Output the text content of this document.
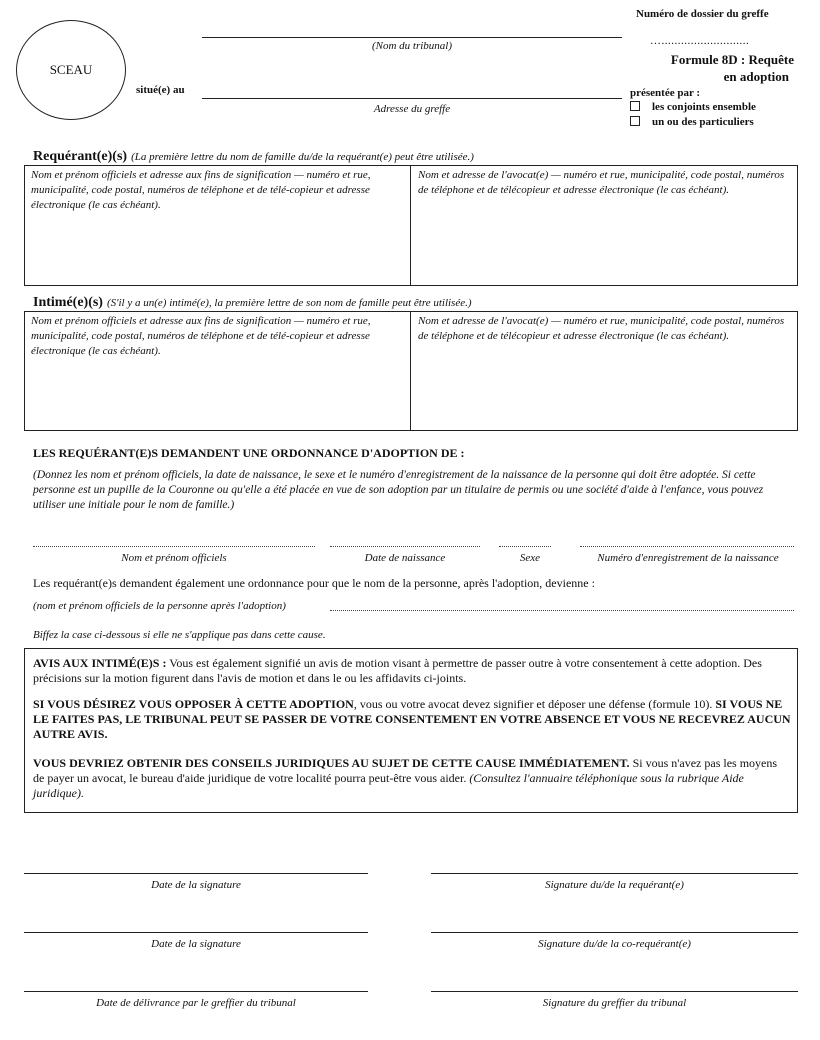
SCEAU
(Nom du tribunal)
situé(e) au
Adresse du greffe
Numéro de dossier du greffe
…...........................
Formule 8D : Requête
en adoption
présentée par :
les conjoints ensemble
un ou des particuliers
Requérant(e)(s) (La première lettre du nom de famille du/de la requérant(e) peut être utilisée.)
Nom et prénom officiels et adresse aux fins de signification — numéro et rue, municipalité, code postal, numéros de téléphone et de télé-copieur et adresse électronique (le cas échéant).
Nom et adresse de l'avocat(e) — numéro et rue, municipalité, code postal, numéros de téléphone et de télécopieur et adresse électronique (le cas échéant).
Intimé(e)(s) (S'il y a un(e) intimé(e), la première lettre de son nom de famille peut être utilisée.)
Nom et prénom officiels et adresse aux fins de signification — numéro et rue, municipalité, code postal, numéros de téléphone et de télé-copieur et adresse électronique (le cas échéant).
Nom et adresse de l'avocat(e) — numéro et rue, municipalité, code postal, numéros de téléphone et de télécopieur et adresse électronique (le cas échéant).
LES REQUÉRANT(E)S DEMANDENT UNE ORDONNANCE D'ADOPTION DE :
(Donnez les nom et prénom officiels, la date de naissance, le sexe et le numéro d'enregistrement de la naissance de la personne qui doit être adoptée. Si cette personne est un pupille de la Couronne ou qu'elle a été placée en vue de son adoption par un titulaire de permis ou une société d'aide à l'enfance, vous pouvez utiliser une initiale pour le nom de famille.)
Nom et prénom officiels	Date de naissance	Sexe	Numéro d'enregistrement de la naissance
Les requérant(e)s demandent également une ordonnance pour que le nom de la personne, après l'adoption, devienne :
(nom et prénom officiels de la personne après l'adoption)
Biffez la case ci-dessous si elle ne s'applique pas dans cette cause.
AVIS AUX INTIMÉ(E)S : Vous est également signifié un avis de motion visant à permettre de passer outre à votre consentement à cette adoption. Des précisions sur la motion figurent dans l'avis de motion et dans le ou les affidavits ci-joints.
SI VOUS DÉSIREZ VOUS OPPOSER À CETTE ADOPTION, vous ou votre avocat devez signifier et déposer une défense (formule 10). SI VOUS NE LE FAITES PAS, LE TRIBUNAL PEUT SE PASSER DE VOTRE CONSENTEMENT EN VOTRE ABSENCE ET VOUS NE RECEVREZ AUCUN AUTRE AVIS.
VOUS DEVRIEZ OBTENIR DES CONSEILS JURIDIQUES AU SUJET DE CETTE CAUSE IMMÉDIATEMENT. Si vous n'avez pas les moyens de payer un avocat, le bureau d'aide juridique de votre localité pourra peut-être vous aider. (Consultez l'annuaire téléphonique sous la rubrique Aide juridique).
Date de la signature	Signature du/de la requérant(e)
Date de la signature	Signature du/de la co-requérant(e)
Date de délivrance par le greffier du tribunal	Signature du greffier du tribunal
